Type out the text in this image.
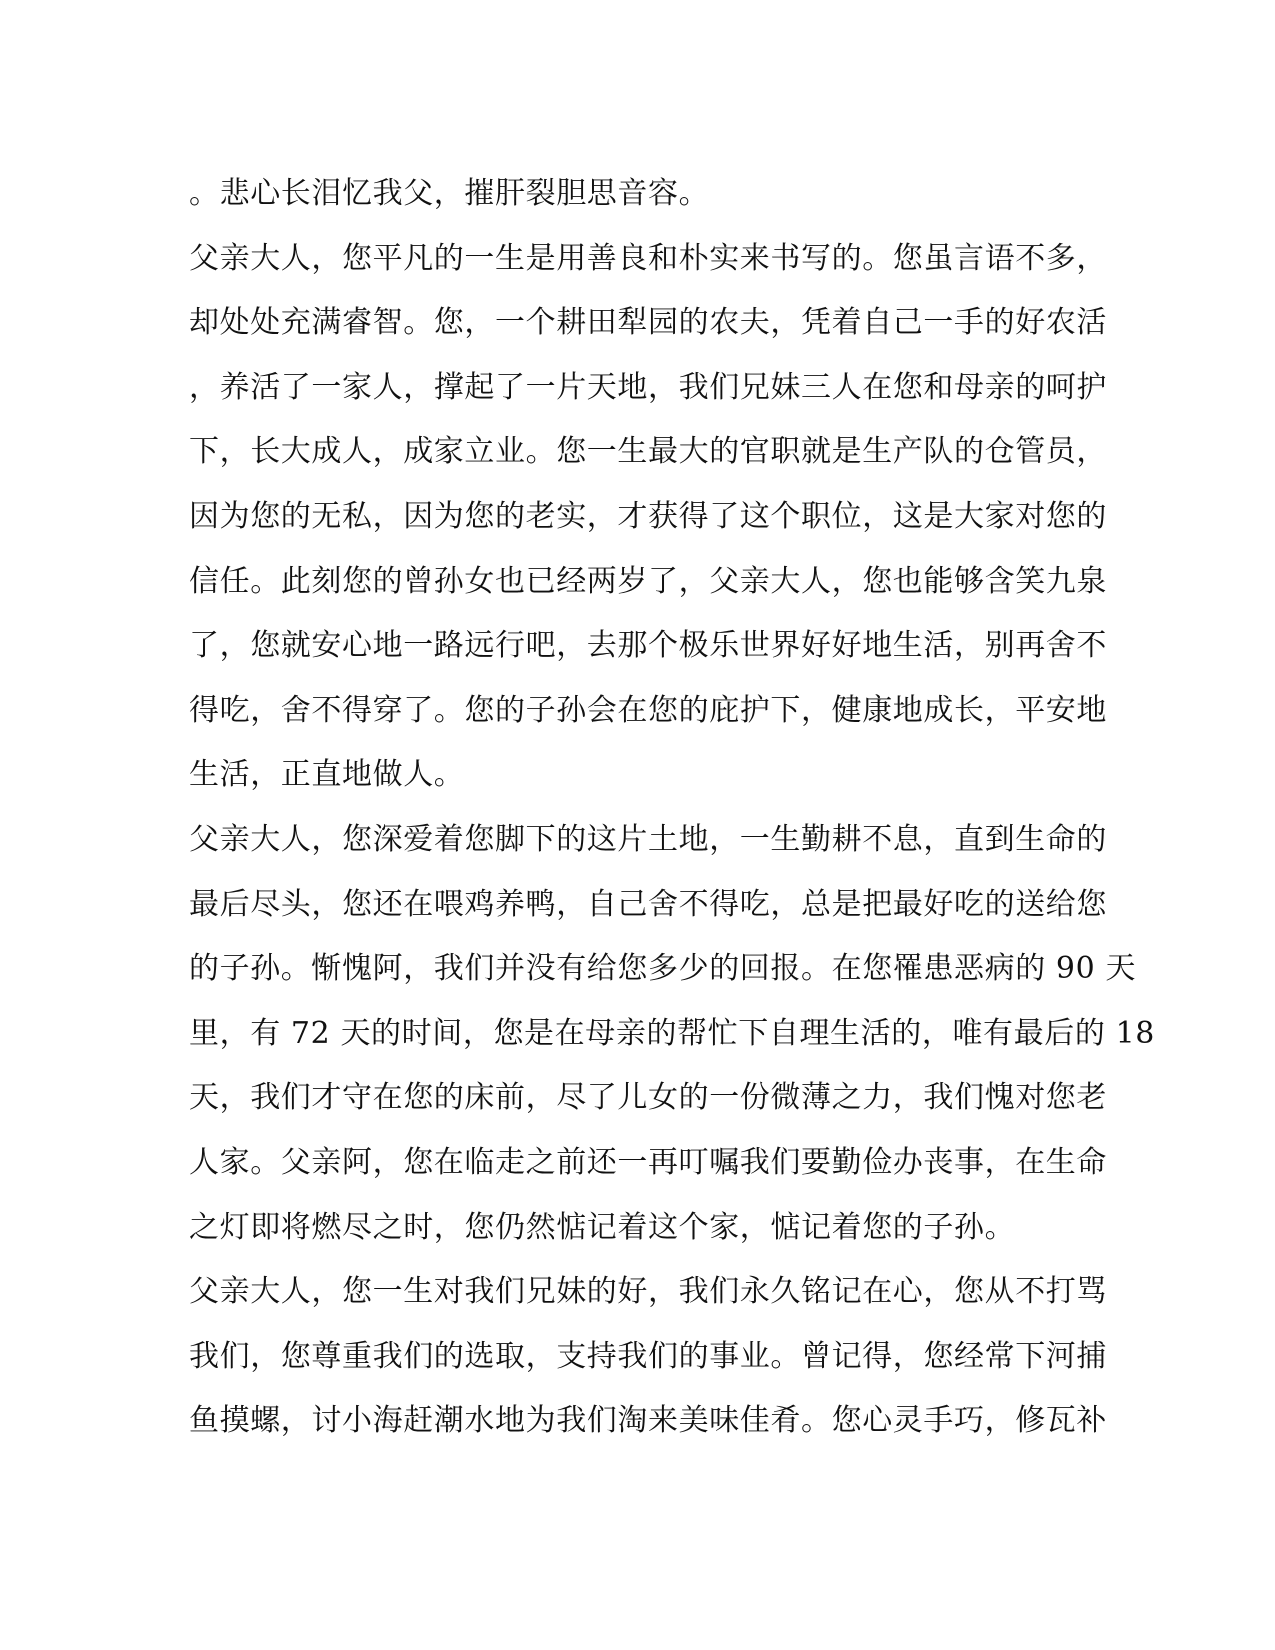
。悲心长泪忆我父，摧肝裂胆思音容。
父亲大人，您平凡的一生是用善良和朴实来书写的。您虽言语不多，
却处处充满睿智。您，一个耕田犁园的农夫，凭着自己一手的好农活
，养活了一家人，撑起了一片天地，我们兄妹三人在您和母亲的呵护
下，长大成人，成家立业。您一生最大的官职就是生产队的仓管员，
因为您的无私，因为您的老实，才获得了这个职位，这是大家对您的
信任。此刻您的曾孙女也已经两岁了，父亲大人，您也能够含笑九泉
了，您就安心地一路远行吧，去那个极乐世界好好地生活，别再舍不
得吃，舍不得穿了。您的子孙会在您的庇护下，健康地成长，平安地
生活，正直地做人。
父亲大人，您深爱着您脚下的这片土地，一生勤耕不息，直到生命的
最后尽头，您还在喂鸡养鸭，自己舍不得吃，总是把最好吃的送给您
的子孙。惭愧阿，我们并没有给您多少的回报。在您罹患恶病的 90 天
里，有 72 天的时间，您是在母亲的帮忙下自理生活的，唯有最后的 18
天，我们才守在您的床前，尽了儿女的一份微薄之力，我们愧对您老
人家。父亲阿，您在临走之前还一再叮嘱我们要勤俭办丧事，在生命
之灯即将燃尽之时，您仍然惦记着这个家，惦记着您的子孙。
父亲大人，您一生对我们兄妹的好，我们永久铭记在心，您从不打骂
我们，您尊重我们的选取，支持我们的事业。曾记得，您经常下河捕
鱼摸螺，讨小海赶潮水地为我们淘来美味佳肴。您心灵手巧，修瓦补
